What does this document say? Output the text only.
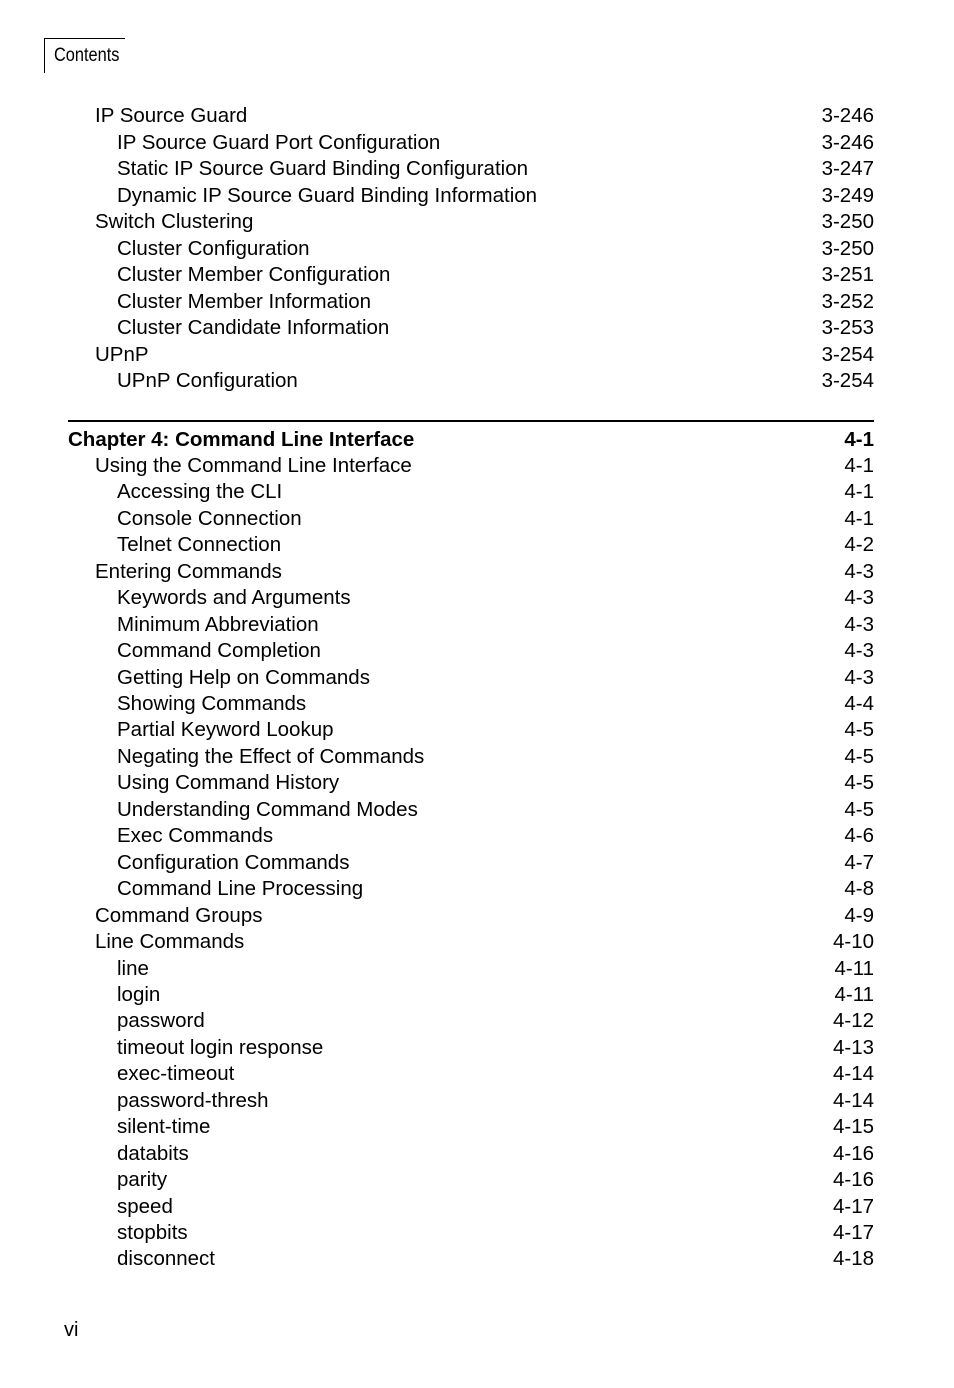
Contents
IP Source Guard	3-246
IP Source Guard Port Configuration	3-246
Static IP Source Guard Binding Configuration	3-247
Dynamic IP Source Guard Binding Information	3-249
Switch Clustering	3-250
Cluster Configuration	3-250
Cluster Member Configuration	3-251
Cluster Member Information	3-252
Cluster Candidate Information	3-253
UPnP	3-254
UPnP Configuration	3-254
Chapter 4: Command Line Interface	4-1
Using the Command Line Interface	4-1
Accessing the CLI	4-1
Console Connection	4-1
Telnet Connection	4-2
Entering Commands	4-3
Keywords and Arguments	4-3
Minimum Abbreviation	4-3
Command Completion	4-3
Getting Help on Commands	4-3
Showing Commands	4-4
Partial Keyword Lookup	4-5
Negating the Effect of Commands	4-5
Using Command History	4-5
Understanding Command Modes	4-5
Exec Commands	4-6
Configuration Commands	4-7
Command Line Processing	4-8
Command Groups	4-9
Line Commands	4-10
line	4-11
login	4-11
password	4-12
timeout login response	4-13
exec-timeout	4-14
password-thresh	4-14
silent-time	4-15
databits	4-16
parity	4-16
speed	4-17
stopbits	4-17
disconnect	4-18
vi
